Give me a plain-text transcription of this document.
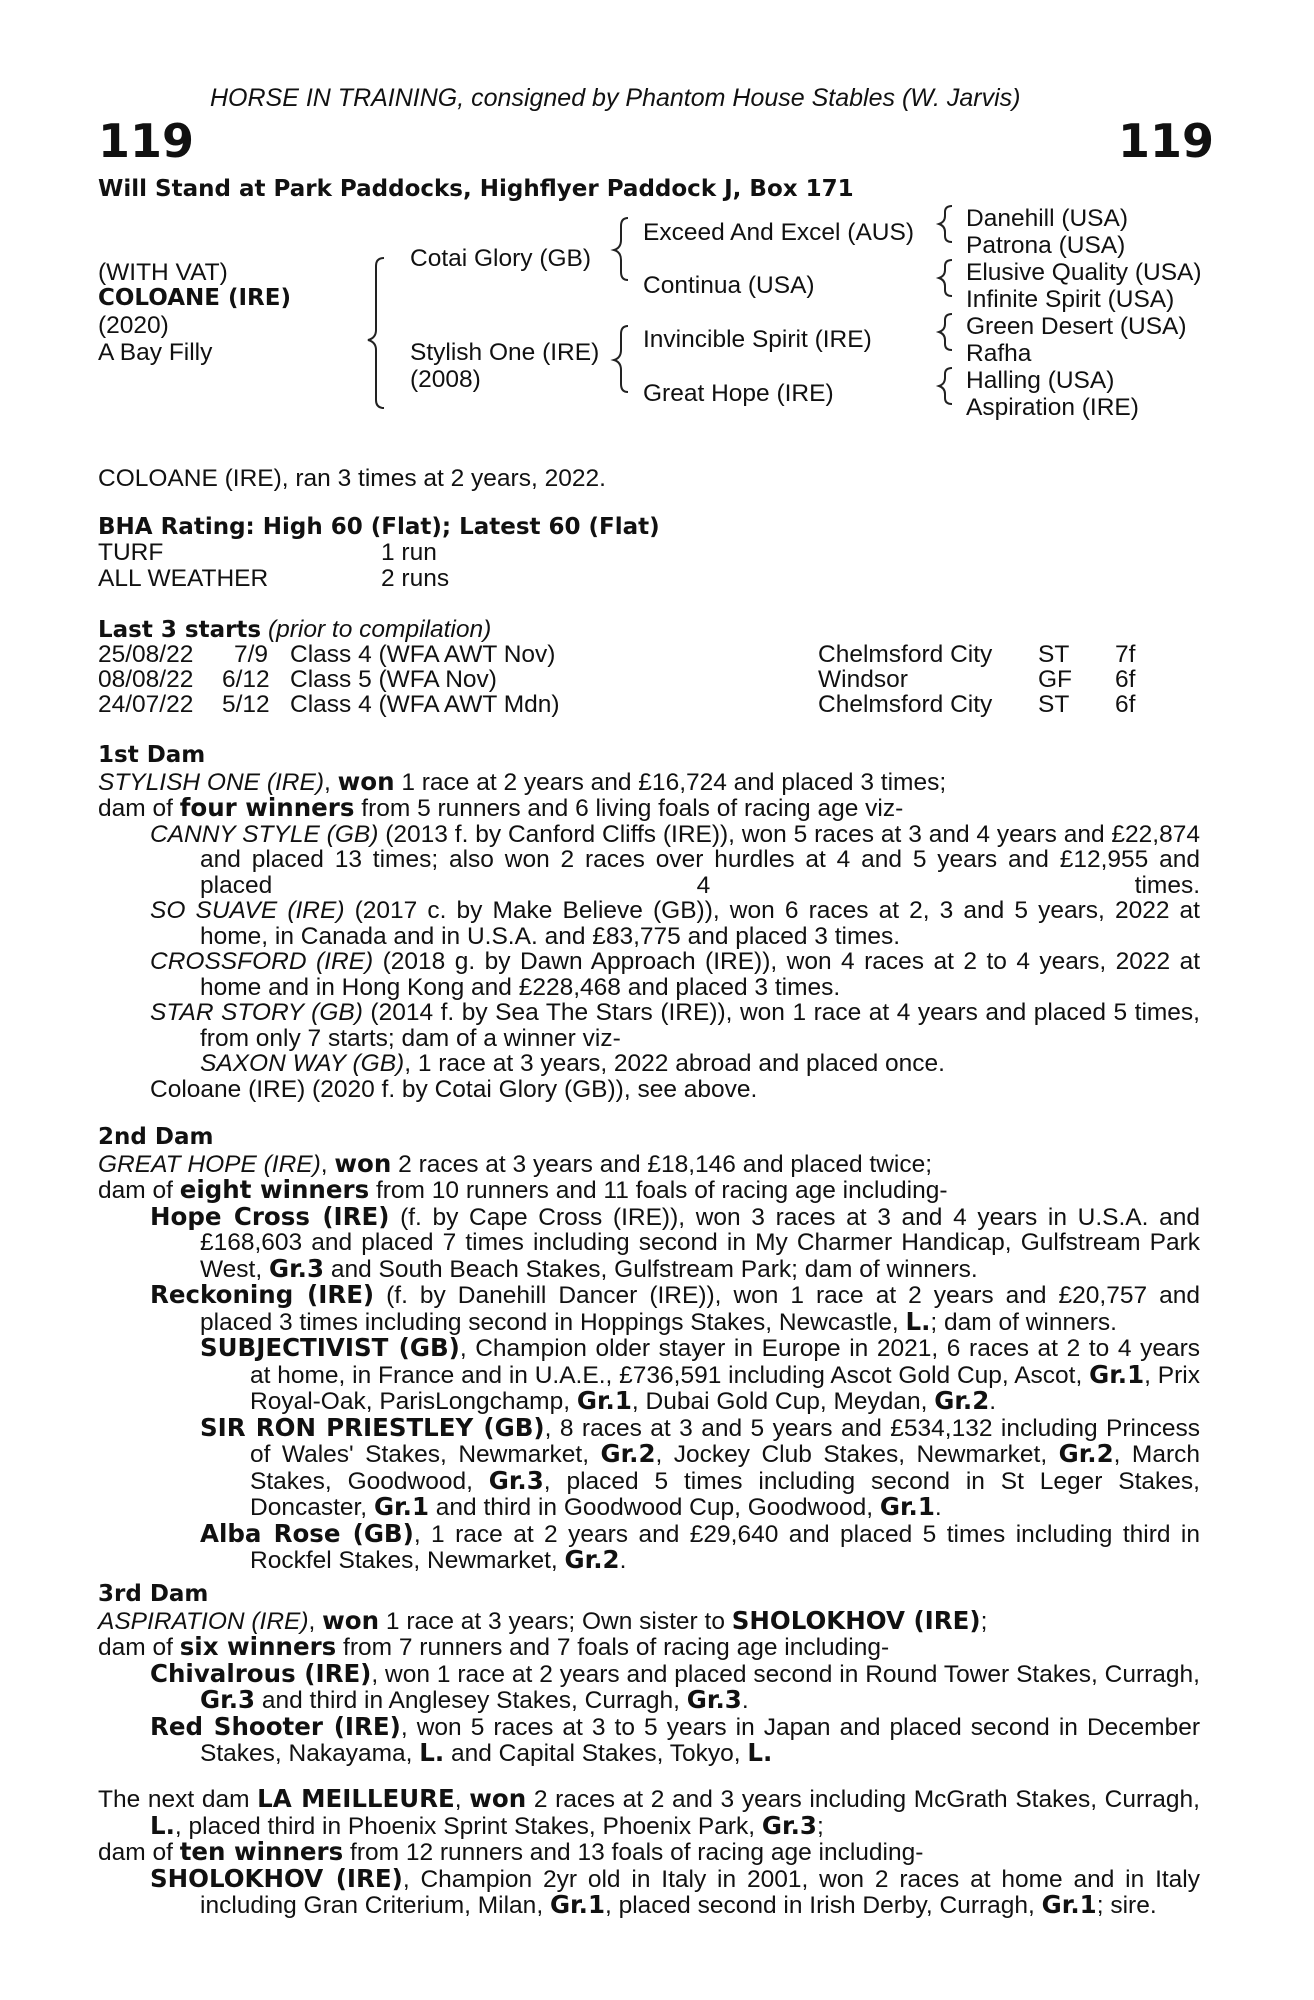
HORSE IN TRAINING, consigned by Phantom House Stables (W. Jarvis)
119	119
Will Stand at Park Paddocks, Highflyer Paddock J, Box 171
(WITH VAT)
COLOANE (IRE)
(2020)
A Bay Filly
Cotai Glory (GB)
Stylish One (IRE)
(2008)
Exceed And Excel (AUS)
Continua (USA)
Invincible Spirit (IRE)
Great Hope (IRE)
Danehill (USA)
Patrona (USA)
Elusive Quality (USA)
Infinite Spirit (USA)
Green Desert (USA)
Rafha
Halling (USA)
Aspiration (IRE)
COLOANE (IRE), ran 3 times at 2 years, 2022.
BHA Rating: High 60 (Flat); Latest 60 (Flat)
TURF	1 run
ALL WEATHER	2 runs
Last 3 starts (prior to compilation)
25/08/22 7/9 Class 4 (WFA AWT Nov)	Chelmsford City ST 7f
08/08/22 6/12 Class 5 (WFA Nov)	Windsor	GF 6f
24/07/22 5/12 Class 4 (WFA AWT Mdn)	Chelmsford City ST 6f
1st Dam
STYLISH ONE (IRE), won 1 race at 2 years and £16,724 and placed 3 times;
dam of four winners from 5 runners and 6 living foals of racing age viz-
CANNY STYLE (GB) (2013 f. by Canford Cliffs (IRE)), won 5 races at 3 and 4 years and £22,874 and placed 13 times; also won 2 races over hurdles at 4 and 5 years and £12,955 and placed 4 times.
SO SUAVE (IRE) (2017 c. by Make Believe (GB)), won 6 races at 2, 3 and 5 years, 2022 at home, in Canada and in U.S.A. and £83,775 and placed 3 times.
CROSSFORD (IRE) (2018 g. by Dawn Approach (IRE)), won 4 races at 2 to 4 years, 2022 at home and in Hong Kong and £228,468 and placed 3 times.
STAR STORY (GB) (2014 f. by Sea The Stars (IRE)), won 1 race at 4 years and placed 5 times, from only 7 starts; dam of a winner viz-
SAXON WAY (GB), 1 race at 3 years, 2022 abroad and placed once.
Coloane (IRE) (2020 f. by Cotai Glory (GB)), see above.
2nd Dam
GREAT HOPE (IRE), won 2 races at 3 years and £18,146 and placed twice;
dam of eight winners from 10 runners and 11 foals of racing age including-
Hope Cross (IRE) (f. by Cape Cross (IRE)), won 3 races at 3 and 4 years in U.S.A. and £168,603 and placed 7 times including second in My Charmer Handicap, Gulfstream Park West, Gr.3 and South Beach Stakes, Gulfstream Park; dam of winners.
Reckoning (IRE) (f. by Danehill Dancer (IRE)), won 1 race at 2 years and £20,757 and placed 3 times including second in Hoppings Stakes, Newcastle, L.; dam of winners.
SUBJECTIVIST (GB), Champion older stayer in Europe in 2021, 6 races at 2 to 4 years at home, in France and in U.A.E., £736,591 including Ascot Gold Cup, Ascot, Gr.1, Prix Royal-Oak, ParisLongchamp, Gr.1, Dubai Gold Cup, Meydan, Gr.2.
SIR RON PRIESTLEY (GB), 8 races at 3 and 5 years and £534,132 including Princess of Wales' Stakes, Newmarket, Gr.2, Jockey Club Stakes, Newmarket, Gr.2, March Stakes, Goodwood, Gr.3, placed 5 times including second in St Leger Stakes, Doncaster, Gr.1 and third in Goodwood Cup, Goodwood, Gr.1.
Alba Rose (GB), 1 race at 2 years and £29,640 and placed 5 times including third in Rockfel Stakes, Newmarket, Gr.2.
3rd Dam
ASPIRATION (IRE), won 1 race at 3 years; Own sister to SHOLOKHOV (IRE);
dam of six winners from 7 runners and 7 foals of racing age including-
Chivalrous (IRE), won 1 race at 2 years and placed second in Round Tower Stakes, Curragh, Gr.3 and third in Anglesey Stakes, Curragh, Gr.3.
Red Shooter (IRE), won 5 races at 3 to 5 years in Japan and placed second in December Stakes, Nakayama, L. and Capital Stakes, Tokyo, L.
The next dam LA MEILLEURE, won 2 races at 2 and 3 years including McGrath Stakes, Curragh, L., placed third in Phoenix Sprint Stakes, Phoenix Park, Gr.3;
dam of ten winners from 12 runners and 13 foals of racing age including-
SHOLOKHOV (IRE), Champion 2yr old in Italy in 2001, won 2 races at home and in Italy including Gran Criterium, Milan, Gr.1, placed second in Irish Derby, Curragh, Gr.1; sire.
